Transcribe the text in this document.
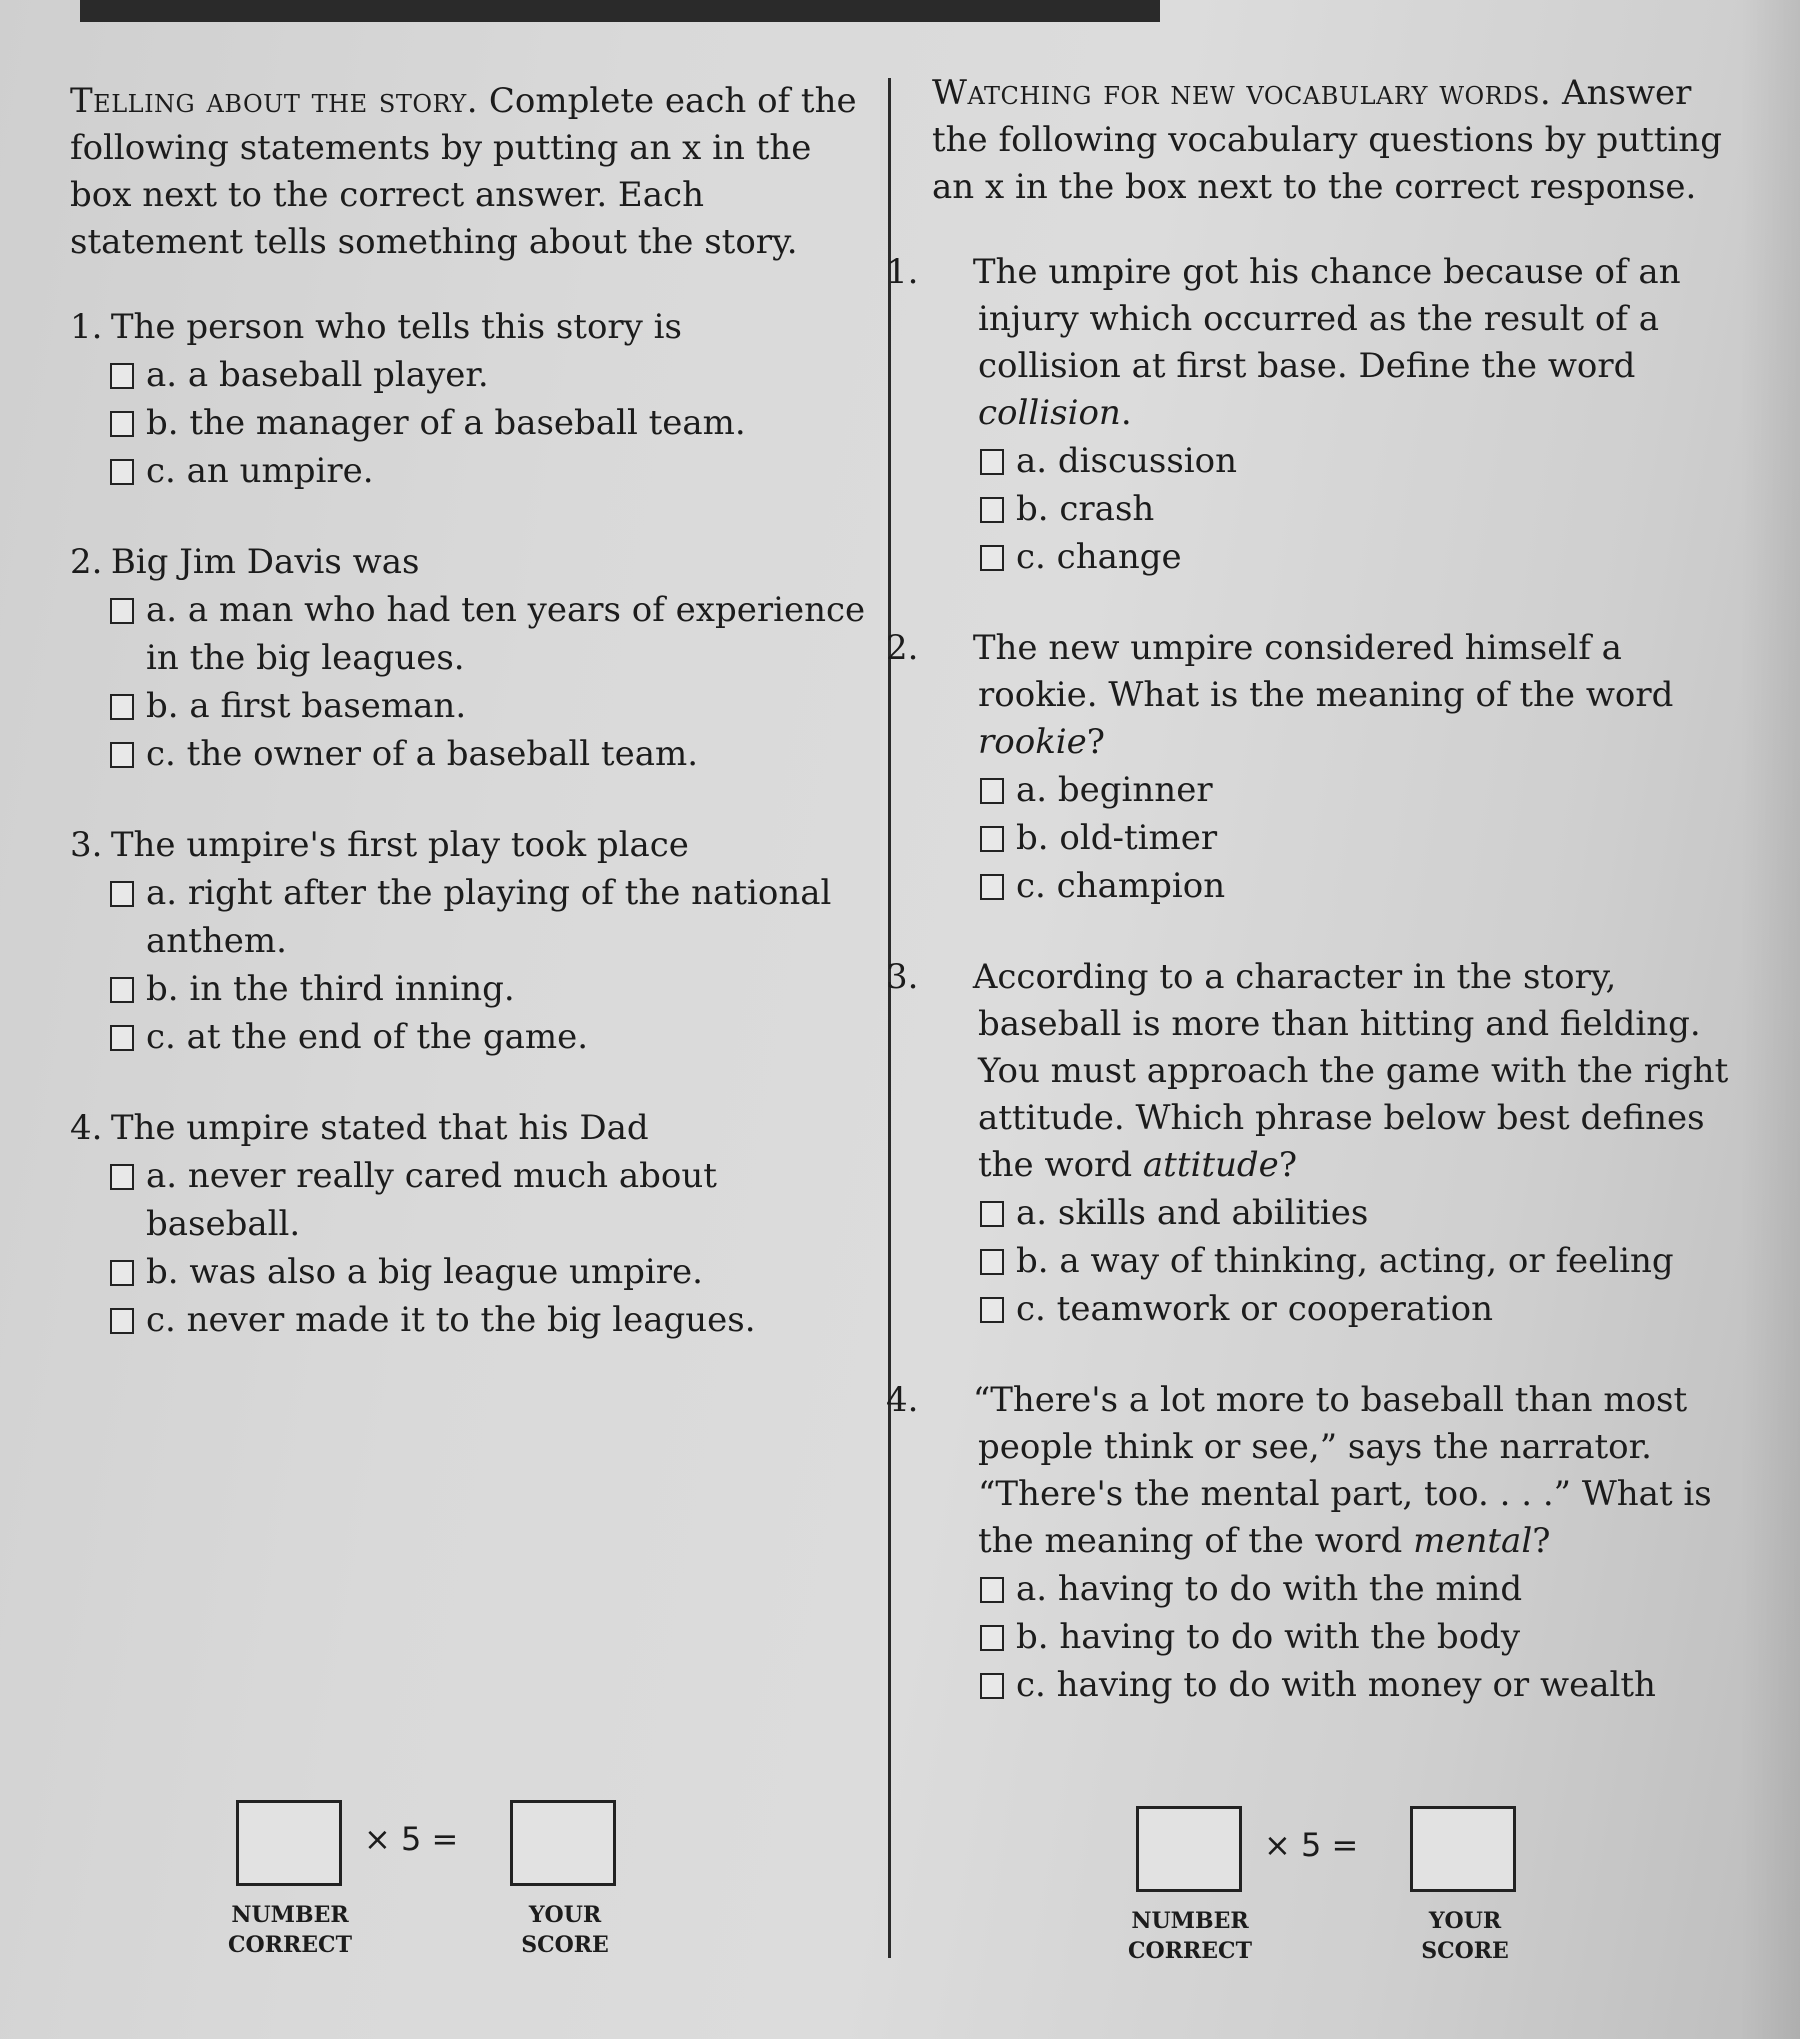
Telling about the story. Complete each of the following statements by putting an x in the box next to the correct answer. Each statement tells something about the story.

1. The person who tells this story is
a. a baseball player.
b. the manager of a baseball team.
c. an umpire.
2. Big Jim Davis was
a. a man who had ten years of experience in the big leagues.
b. a first baseman.
c. the owner of a baseball team.
3. The umpire's first play took place
a. right after the playing of the national anthem.
b. in the third inning.
c. at the end of the game.
4. The umpire stated that his Dad
a. never really cared much about baseball.
b. was also a big league umpire.
c. never made it to the big leagues.

Watching for new vocabulary words. Answer the following vocabulary questions by putting an x in the box next to the correct response.

1. The umpire got his chance because of an injury which occurred as the result of a collision at first base. Define the word collision.
a. discussion
b. crash
c. change
2. The new umpire considered himself a rookie. What is the meaning of the word rookie?
a. beginner
b. old-timer
c. champion
3. According to a character in the story, baseball is more than hitting and fielding. You must approach the game with the right attitude. Which phrase below best defines the word attitude?
a. skills and abilities
b. a way of thinking, acting, or feeling
c. teamwork or cooperation
4. “There's a lot more to baseball than most people think or see,” says the narrator. “There's the mental part, too. . . .” What is the meaning of the word mental?
a. having to do with the mind
b. having to do with the body
c. having to do with money or wealth
× 5 =
NUMBER
CORRECT
YOUR
SCORE
× 5 =
NUMBER
CORRECT
YOUR
SCORE
